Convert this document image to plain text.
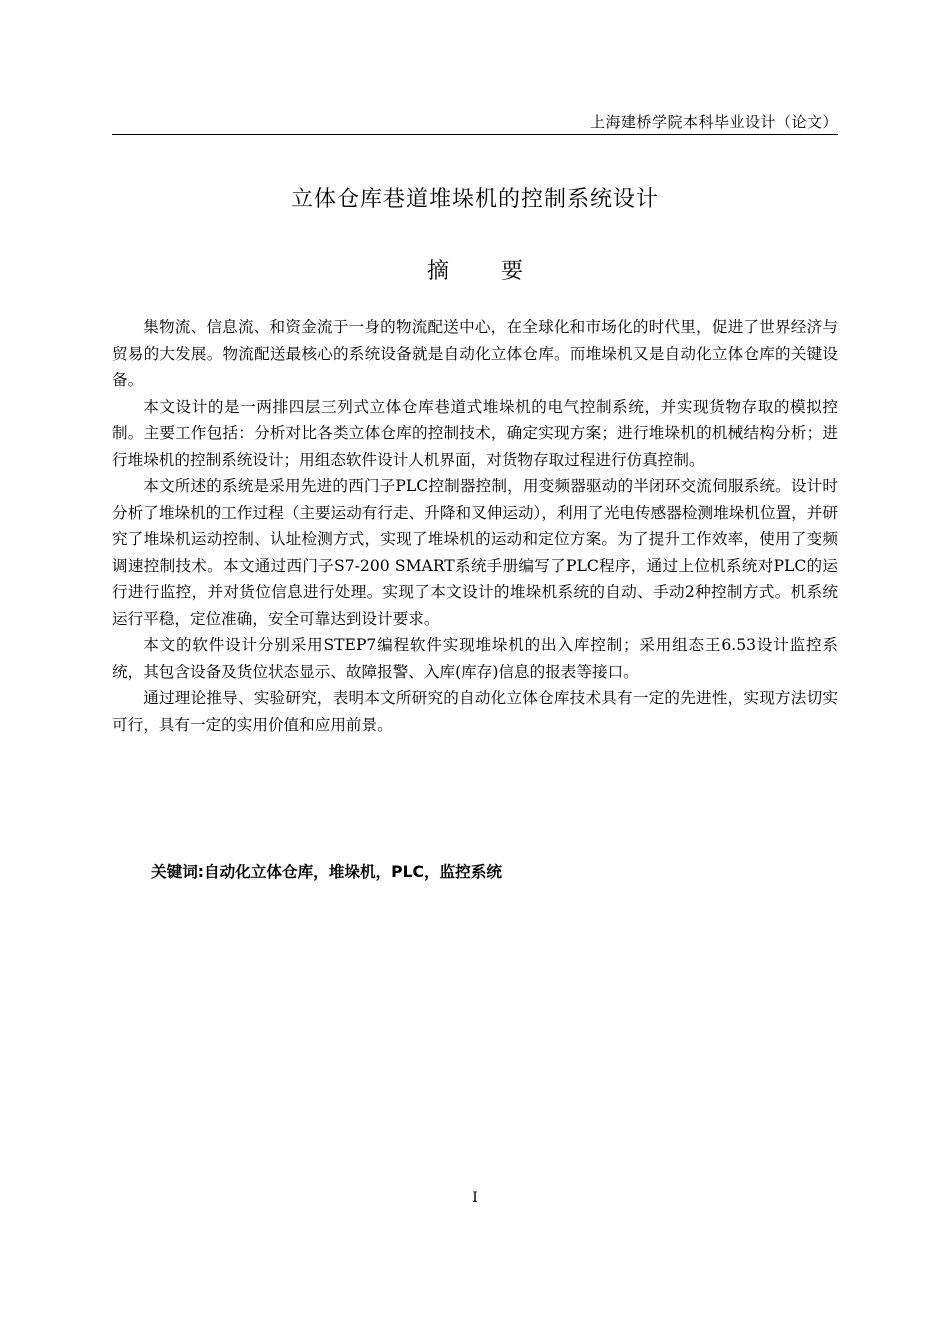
上海建桥学院本科毕业设计（论文）
立体仓库巷道堆垛机的控制系统设计
摘 要

集物流、信息流、和资金流于一身的物流配送中心，在全球化和市场化的时代里，促进了世界经济与贸易的大发展。物流配送最核心的系统设备就是自动化立体仓库。而堆垛机又是自动化立体仓库的关键设备。

本文设计的是一两排四层三列式立体仓库巷道式堆垛机的电气控制系统，并实现货物存取的模拟控制。主要工作包括：分析对比各类立体仓库的控制技术，确定实现方案；进行堆垛机的机械结构分析；进行堆垛机的控制系统设计；用组态软件设计人机界面，对货物存取过程进行仿真控制。

本文所述的系统是采用先进的西门子PLC控制器控制，用变频器驱动的半闭环交流伺服系统。设计时分析了堆垛机的工作过程（主要运动有行走、升降和叉伸运动），利用了光电传感器检测堆垛机位置，并研究了堆垛机运动控制、认址检测方式，实现了堆垛机的运动和定位方案。为了提升工作效率，使用了变频调速控制技术。本文通过西门子S7-200 SMART系统手册编写了PLC程序，通过上位机系统对PLC的运行进行监控，并对货位信息进行处理。实现了本文设计的堆垛机系统的自动、手动2种控制方式。机系统运行平稳，定位准确，安全可靠达到设计要求。

本文的软件设计分别采用STEP7编程软件实现堆垛机的出入库控制；采用组态王6.53设计监控系统，其包含设备及货位状态显示、故障报警、入库(库存)信息的报表等接口。

通过理论推导、实验研究，表明本文所研究的自动化立体仓库技术具有一定的先进性，实现方法切实可行，具有一定的实用价值和应用前景。

关键词:自动化立体仓库，堆垛机，PLC，监控系统
I
